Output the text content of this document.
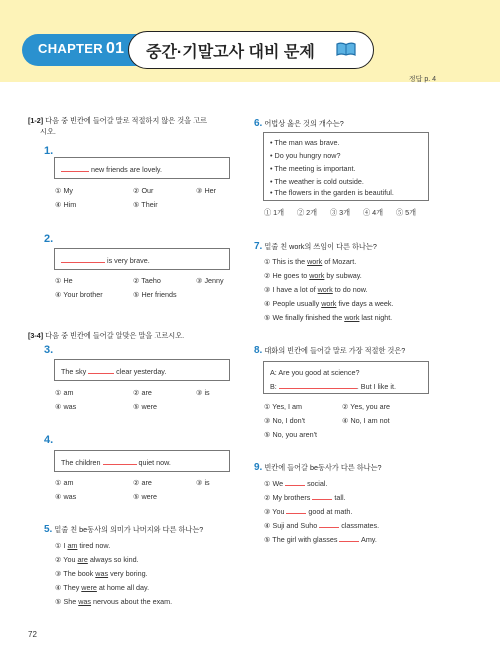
CHAPTER 01 중간·기말고사 대비 문제
정답 p. 4
[1-2] 다음 중 빈칸에 들어갈 말로 적절하지 않은 것을 고르
시오.
1.
new friends are lovely.
① My	② Our	③ Her
④ Him	⑤ Their
2.
is very brave.
① He	② Taeho	③ Jenny
④ Your brother	⑤ Her friends
[3-4] 다음 중 빈칸에 들어갈 알맞은 말을 고르시오.
3.
The sky	clear yesterday.
① am	② are	③ is
④ was	⑤ were
4.
The children	quiet now.
① am	② are	③ is
④ was	⑤ were
5. 밑줄 친 be동사의 의미가 나머지와 다른 하나는?
① I am tired now.
② You are always so kind.
③ The book was very boring.
④ They were at home all day.
⑤ She was nervous about the exam.
6. 어법상 옳은 것의 개수는?
• The man was brave.
• Do you hungry now?
• The meeting is important.
• The weather is cold outside.
• The flowers in the garden is beautiful.
① 1개 ② 2개 ③ 3개 ④ 4개 ⑤ 5개
7. 밑줄 친 work의 쓰임이 다른 하나는?
① This is the work of Mozart.
② He goes to work by subway.
③ I have a lot of work to do now.
④ People usually work five days a week.
⑤ We finally finished the work last night.
8. 대화의 빈칸에 들어갈 말로 가장 적절한 것은?
A: Are you good at science?
B:	. But I like it.
① Yes, I am	② Yes, you are
③ No, I don't	④ No, I am not
⑤ No, you aren't
9. 빈칸에 들어갈 be동사가 다른 하나는?
① We	social.
② My brothers	tall.
③ You	good at math.
④ Suji and Suho	classmates.
⑤ The girl with glasses	Amy.
72
